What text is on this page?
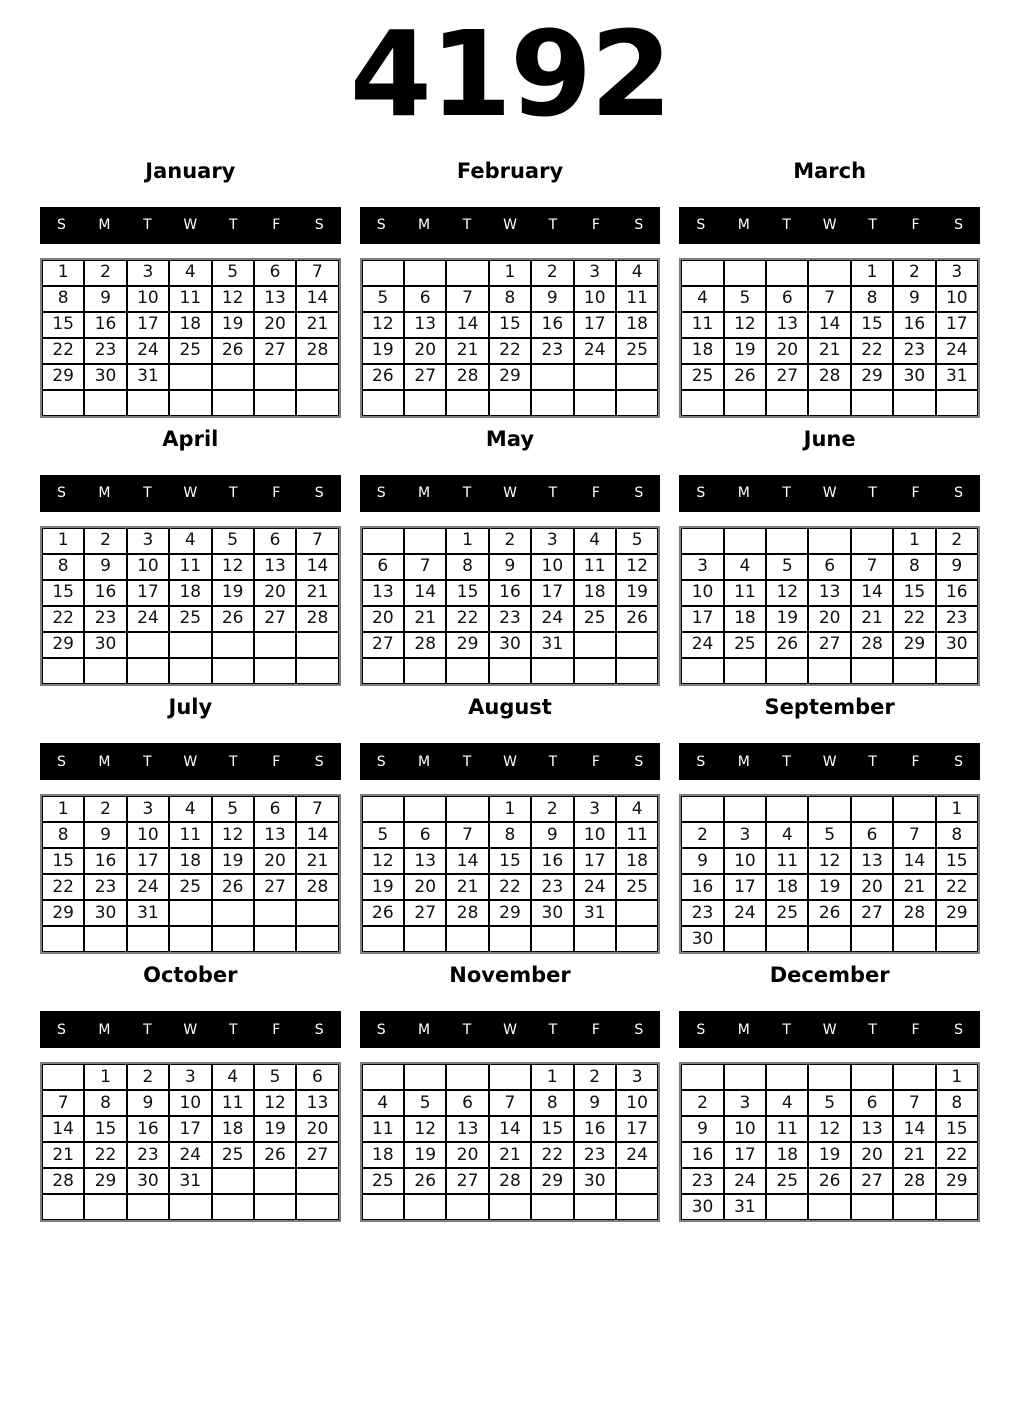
4192
January
S	M	T	W	T	F	S
1	2	3	4	5	6	7
8	9	10	11	12	13	14
15	16	17	18	19	20	21
22	23	24	25	26	27	28
29	30	31				

February
S	M	T	W	T	F	S
			1	2	3	4
5	6	7	8	9	10	11
12	13	14	15	16	17	18
19	20	21	22	23	24	25
26	27	28	29			

March
S	M	T	W	T	F	S
				1	2	3
4	5	6	7	8	9	10
11	12	13	14	15	16	17
18	19	20	21	22	23	24
25	26	27	28	29	30	31

April
S	M	T	W	T	F	S
1	2	3	4	5	6	7
8	9	10	11	12	13	14
15	16	17	18	19	20	21
22	23	24	25	26	27	28
29	30					

May
S	M	T	W	T	F	S
		1	2	3	4	5
6	7	8	9	10	11	12
13	14	15	16	17	18	19
20	21	22	23	24	25	26
27	28	29	30	31		

June
S	M	T	W	T	F	S
					1	2
3	4	5	6	7	8	9
10	11	12	13	14	15	16
17	18	19	20	21	22	23
24	25	26	27	28	29	30

July
S	M	T	W	T	F	S
1	2	3	4	5	6	7
8	9	10	11	12	13	14
15	16	17	18	19	20	21
22	23	24	25	26	27	28
29	30	31				

August
S	M	T	W	T	F	S
			1	2	3	4
5	6	7	8	9	10	11
12	13	14	15	16	17	18
19	20	21	22	23	24	25
26	27	28	29	30	31	

September
S	M	T	W	T	F	S
						1
2	3	4	5	6	7	8
9	10	11	12	13	14	15
16	17	18	19	20	21	22
23	24	25	26	27	28	29
30						
October
S	M	T	W	T	F	S
	1	2	3	4	5	6
7	8	9	10	11	12	13
14	15	16	17	18	19	20
21	22	23	24	25	26	27
28	29	30	31			

November
S	M	T	W	T	F	S
				1	2	3
4	5	6	7	8	9	10
11	12	13	14	15	16	17
18	19	20	21	22	23	24
25	26	27	28	29	30	

December
S	M	T	W	T	F	S
						1
2	3	4	5	6	7	8
9	10	11	12	13	14	15
16	17	18	19	20	21	22
23	24	25	26	27	28	29
30	31					
